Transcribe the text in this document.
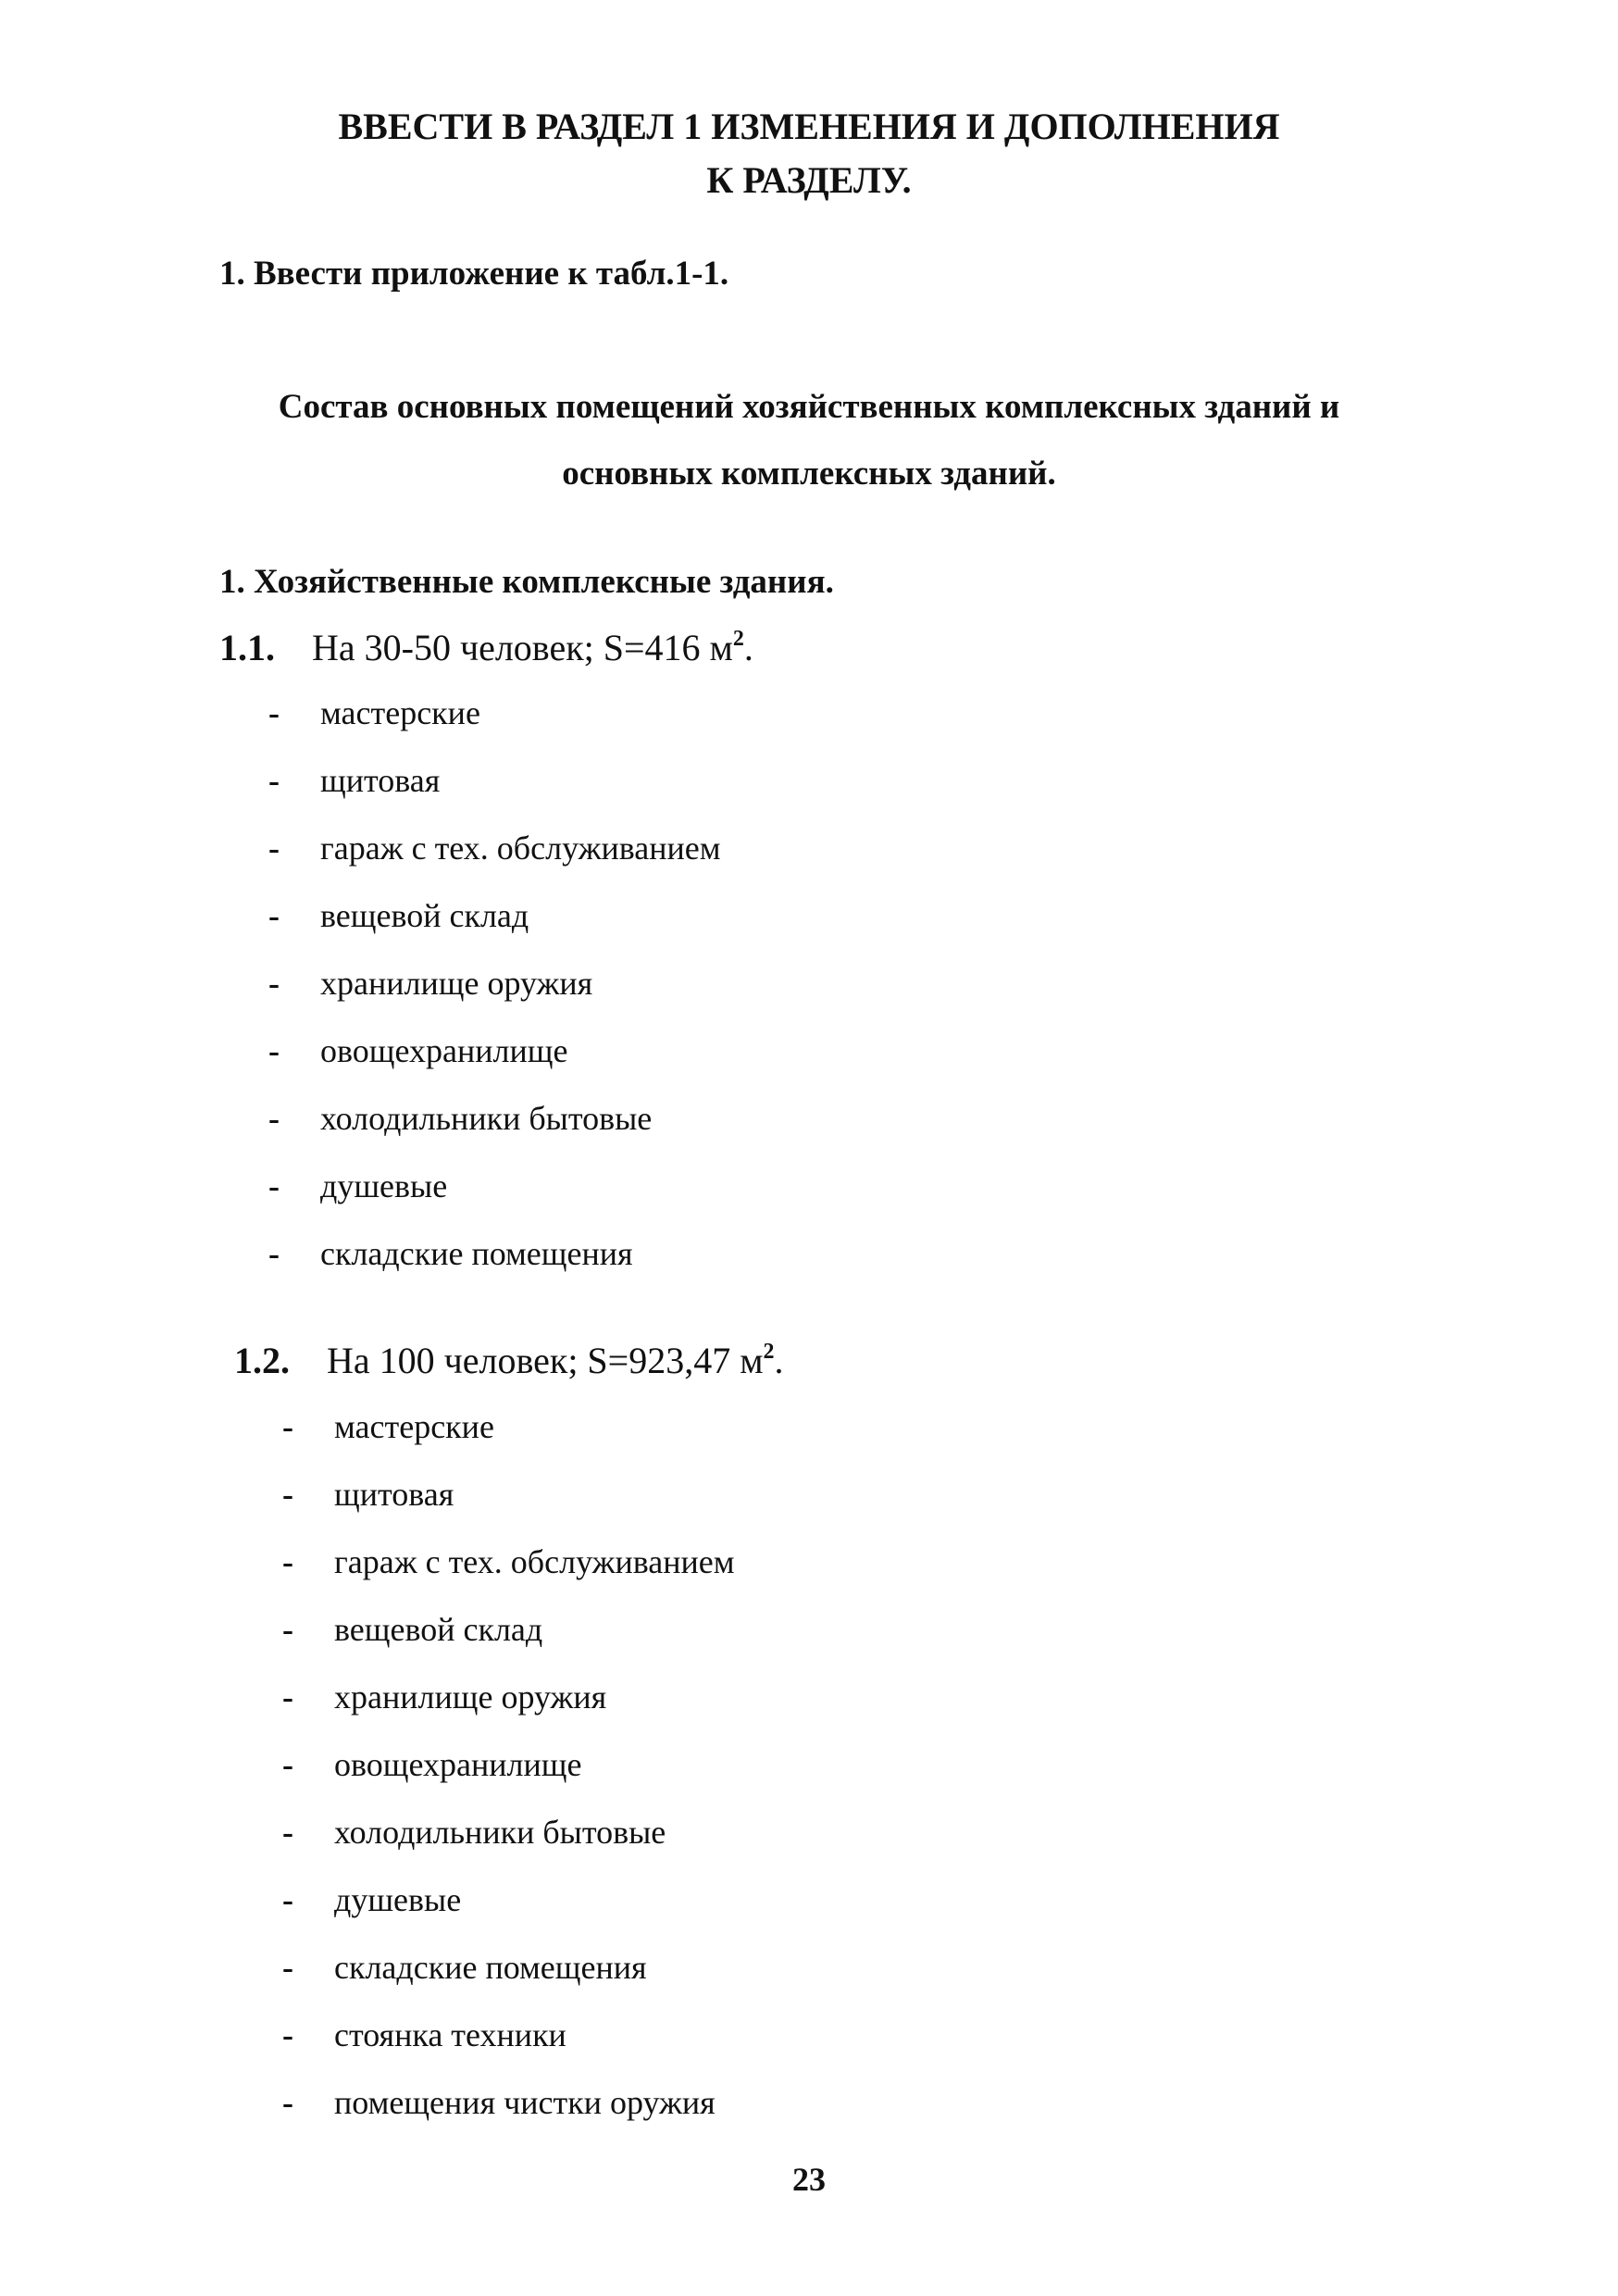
ВВЕСТИ В РАЗДЕЛ 1 ИЗМЕНЕНИЯ И ДОПОЛНЕНИЯ
К РАЗДЕЛУ.
1. Ввести приложение к табл.1-1.
Состав основных помещений хозяйственных комплексных зданий и
основных комплексных зданий.
1. Хозяйственные комплексные здания.
1.1. На 30-50 человек; S=416 $м^2$.
- мастерские
- щитовая
- гараж с тех. обслуживанием
- вещевой склад
- хранилище оружия
- овощехранилище
- холодильники бытовые
- душевые
- складские помещения
1.2. На 100 человек; S=923,47 $м^2$.
- мастерские
- щитовая
- гараж с тех. обслуживанием
- вещевой склад
- хранилище оружия
- овощехранилище
- холодильники бытовые
- душевые
- складские помещения
- стоянка техники
- помещения чистки оружия
23
